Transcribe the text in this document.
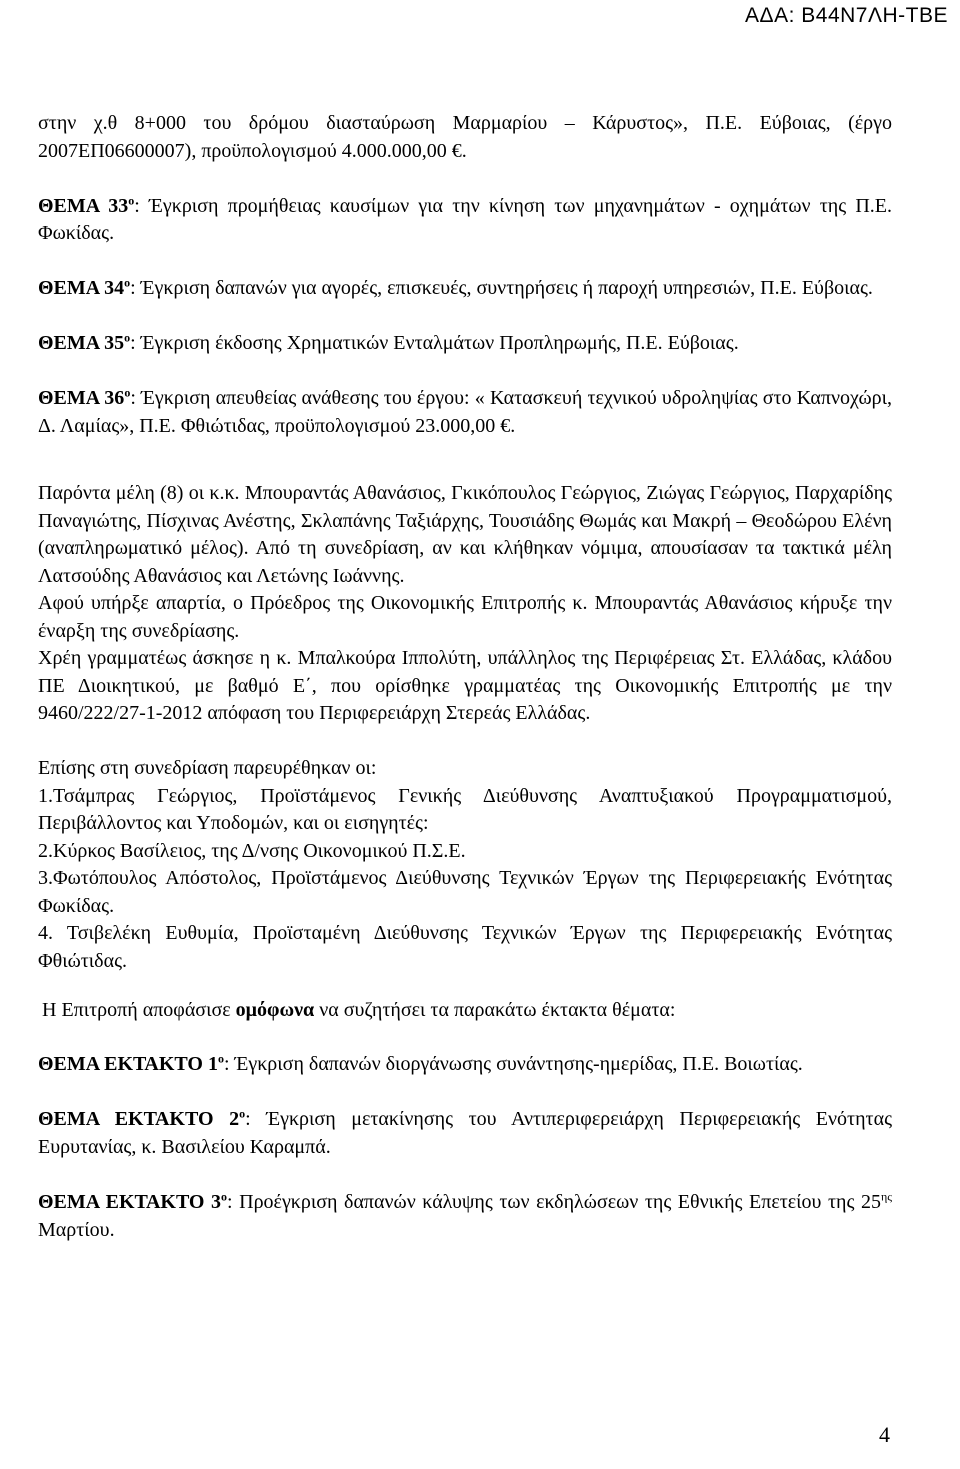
ΑΔΑ: Β44Ν7ΛΗ-ΤΒΕ

στην χ.θ 8+000 του δρόμου διασταύρωση Μαρμαρίου – Κάρυστος», Π.Ε. Εύβοιας, (έργο 2007ΕΠ06600007), προϋπολογισμού 4.000.000,00 €.

ΘΕΜΑ $33^o$: Έγκριση προμήθειας καυσίμων για την κίνηση των μηχανημάτων - οχημάτων της Π.Ε. Φωκίδας.

ΘΕΜΑ $34^o$: Έγκριση δαπανών για αγορές, επισκευές, συντηρήσεις ή παροχή υπηρεσιών, Π.Ε. Εύβοιας.

ΘΕΜΑ $35^o$: Έγκριση έκδοσης Χρηματικών Ενταλμάτων Προπληρωμής, Π.Ε. Εύβοιας.

ΘΕΜΑ $36^o$: Έγκριση απευθείας ανάθεσης του έργου: « Κατασκευή τεχνικού υδροληψίας στο Καπνοχώρι, Δ. Λαμίας», Π.Ε. Φθιώτιδας, προϋπολογισμού 23.000,00 €.

Παρόντα μέλη (8) οι κ.κ. Μπουραντάς Αθανάσιος, Γκικόπουλος Γεώργιος, Ζιώγας Γεώργιος, Παρχαρίδης Παναγιώτης, Πίσχινας Ανέστης, Σκλαπάνης Ταξιάρχης, Τουσιάδης Θωμάς και Μακρή – Θεοδώρου Ελένη (αναπληρωματικό μέλος). Από τη συνεδρίαση, αν και κλήθηκαν νόμιμα, απουσίασαν τα τακτικά μέλη Λατσούδης Αθανάσιος και Λετώνης Ιωάννης.

Αφού υπήρξε απαρτία, ο Πρόεδρος της Οικονομικής Επιτροπής κ. Μπουραντάς Αθανάσιος κήρυξε την έναρξη της συνεδρίασης.

Χρέη γραμματέως άσκησε η κ. Μπαλκούρα Ιππολύτη, υπάλληλος της Περιφέρειας Στ. Ελλάδας, κλάδου ΠΕ Διοικητικού, με βαθμό Ε΄, που ορίσθηκε γραμματέας της Οικονομικής Επιτροπής με την 9460/222/27-1-2012 απόφαση του Περιφερειάρχη Στερεάς Ελλάδας.

Επίσης στη συνεδρίαση παρευρέθηκαν οι:

1.Τσάμπρας Γεώργιος, Προϊστάμενος Γενικής Διεύθυνσης Αναπτυξιακού Προγραμματισμού, Περιβάλλοντος και Υποδομών, και οι εισηγητές:

2.Κύρκος Βασίλειος, της Δ/νσης Οικονομικού Π.Σ.Ε.

3.Φωτόπουλος Απόστολος, Προϊστάμενος Διεύθυνσης Τεχνικών Έργων της Περιφερειακής Ενότητας Φωκίδας.

4. Τσιβελέκη Ευθυμία, Προϊσταμένη Διεύθυνσης Τεχνικών Έργων της Περιφερειακής Ενότητας Φθιώτιδας.

Η Επιτροπή αποφάσισε ομόφωνα να συζητήσει τα παρακάτω έκτακτα θέματα:

ΘΕΜΑ ΕΚΤΑΚΤΟ $1^o$: Έγκριση δαπανών διοργάνωσης συνάντησης-ημερίδας, Π.Ε. Βοιωτίας.

ΘΕΜΑ ΕΚΤΑΚΤΟ $2^o$: Έγκριση μετακίνησης του Αντιπεριφερειάρχη Περιφερειακής Ενότητας Ευρυτανίας, κ. Βασιλείου Καραμπά.

ΘΕΜΑ ΕΚΤΑΚΤΟ $3^o$: Προέγκριση δαπανών κάλυψης των εκδηλώσεων της Εθνικής Επετείου της $25^{\eta\varsigma}$ Μαρτίου.

4
